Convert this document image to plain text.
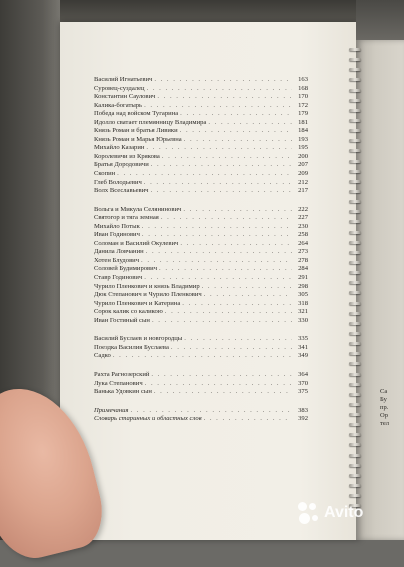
Са
Бу
пр.
Ор
тел
Василий Игнатьевич . . .	163
Суровец-суздалец . . .	168
Константин Саулович . . .	170
Калика-богатырь . . .	172
Победа над войском Тугарина . . .	179
Идолло сватает племянницу Владимира . . .	181
Князь Роман и братья Ливики . . .	184
Князь Роман и Марья Юрьевна . . .	193
Михайло Казарин . . .	195
Королевичи из Крякова . . .	200
Братья Дородовичи . . .	207
Скопин . . .	209
Глеб Володьевич . . .	212
Волх Всеславьевич . . .	217
Вольга и Микула Селянинович . . .	222
Святогор и тяга земная . . .	227
Михайло Потык . . .	230
Иван Годинович . . .	258
Соломан и Василий Окулевич . . .	264
Данила Ловчанин . . .	273
Хотен Блудович . . .	278
Соловей Будимирович . . .	284
Ставр Годинович . . .	291
Чурило Пленкович и князь Владимир . . .	298
Дюк Степанович и Чурило Пленкович . . .	305
Чурило Пленкович и Катерина . . .	318
Сорок калик со каликою . . .	321
Иван Гостиный сын . . .	330
Василий Буслаев и новгородцы . . .	335
Поездка Василия Буслаева . . .	341
Садко . . .	349
Рахта Рагнозерский . . .	364
Лука Степанович . . .	370
Ванька Удовкин сын . . .	375
Примечания . . .	383
Словарь старинных и областных слов . . .	392
Avito
